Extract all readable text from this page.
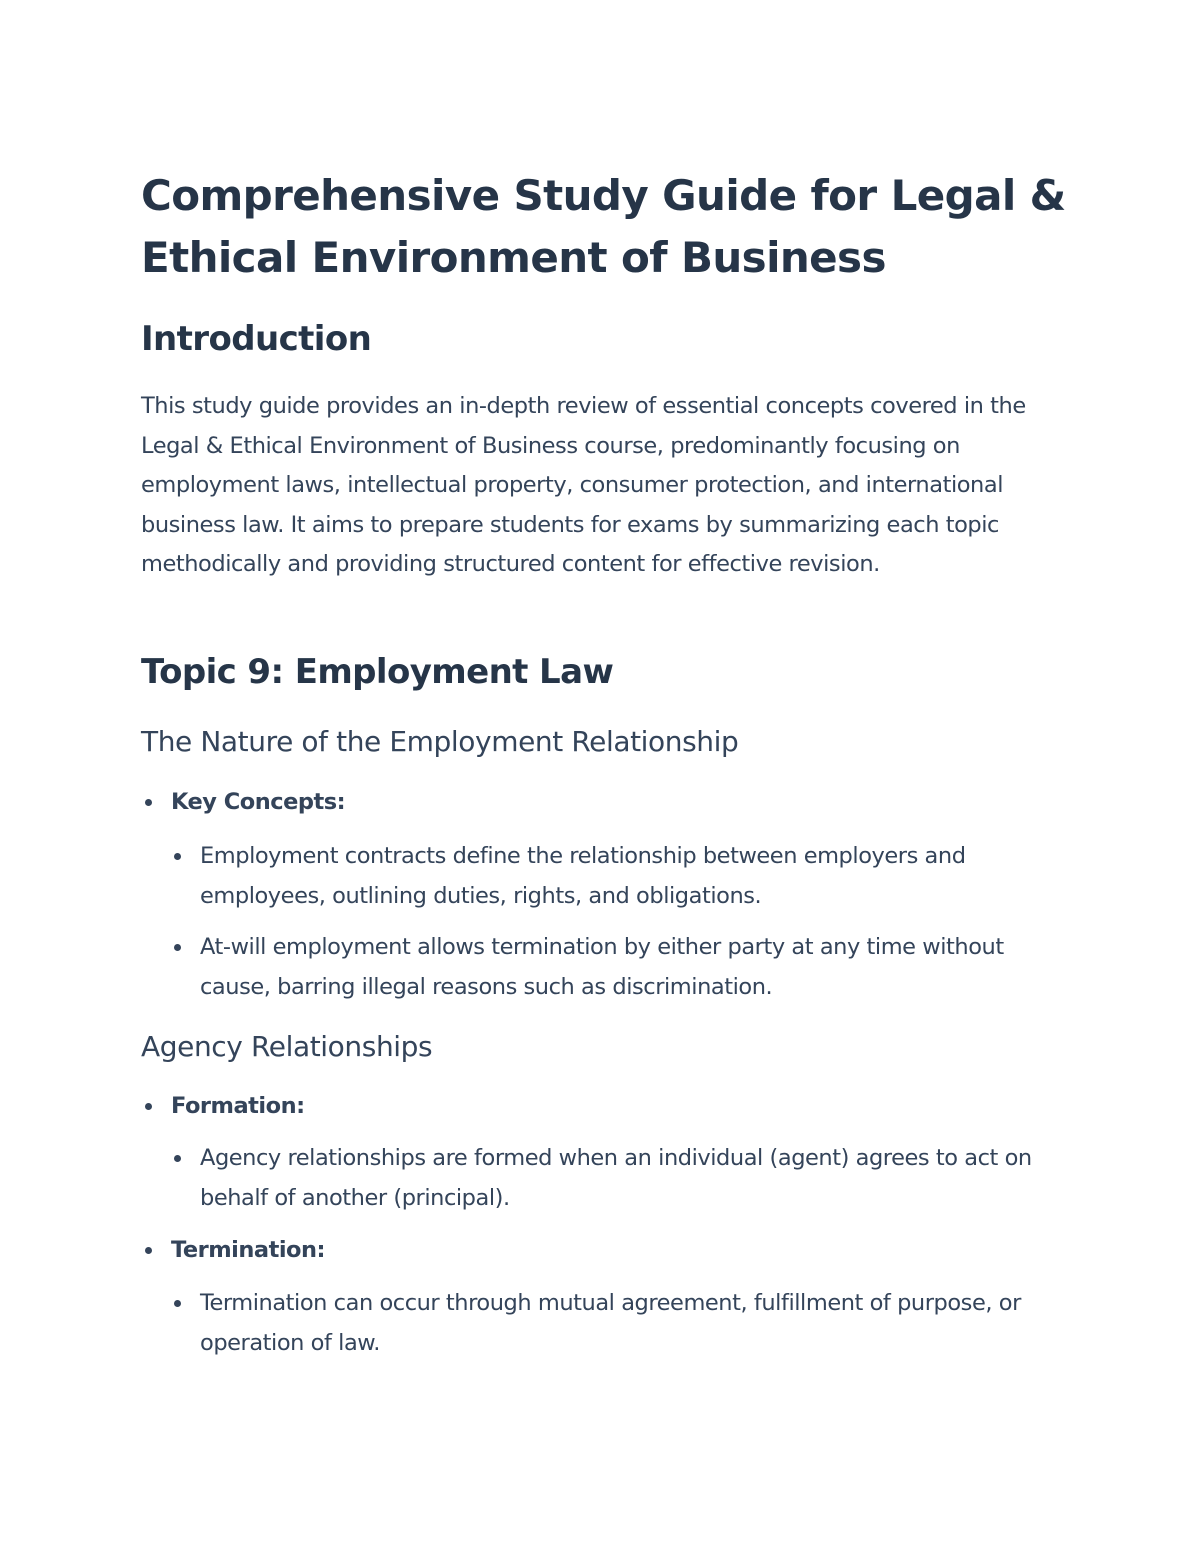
Comprehensive Study Guide for Legal & Ethical Environment of Business
Introduction

This study guide provides an in-depth review of essential concepts covered in the Legal & Ethical Environment of Business course, predominantly focusing on employment laws, intellectual property, consumer protection, and international business law. It aims to prepare students for exams by summarizing each topic methodically and providing structured content for effective revision.

Topic 9: Employment Law
The Nature of the Employment Relationship
Key Concepts:
Employment contracts define the relationship between employers and employees, outlining duties, rights, and obligations.
At-will employment allows termination by either party at any time without cause, barring illegal reasons such as discrimination.
Agency Relationships
Formation:
Agency relationships are formed when an individual (agent) agrees to act on behalf of another (principal).
Termination:
Termination can occur through mutual agreement, fulfillment of purpose, or operation of law.
